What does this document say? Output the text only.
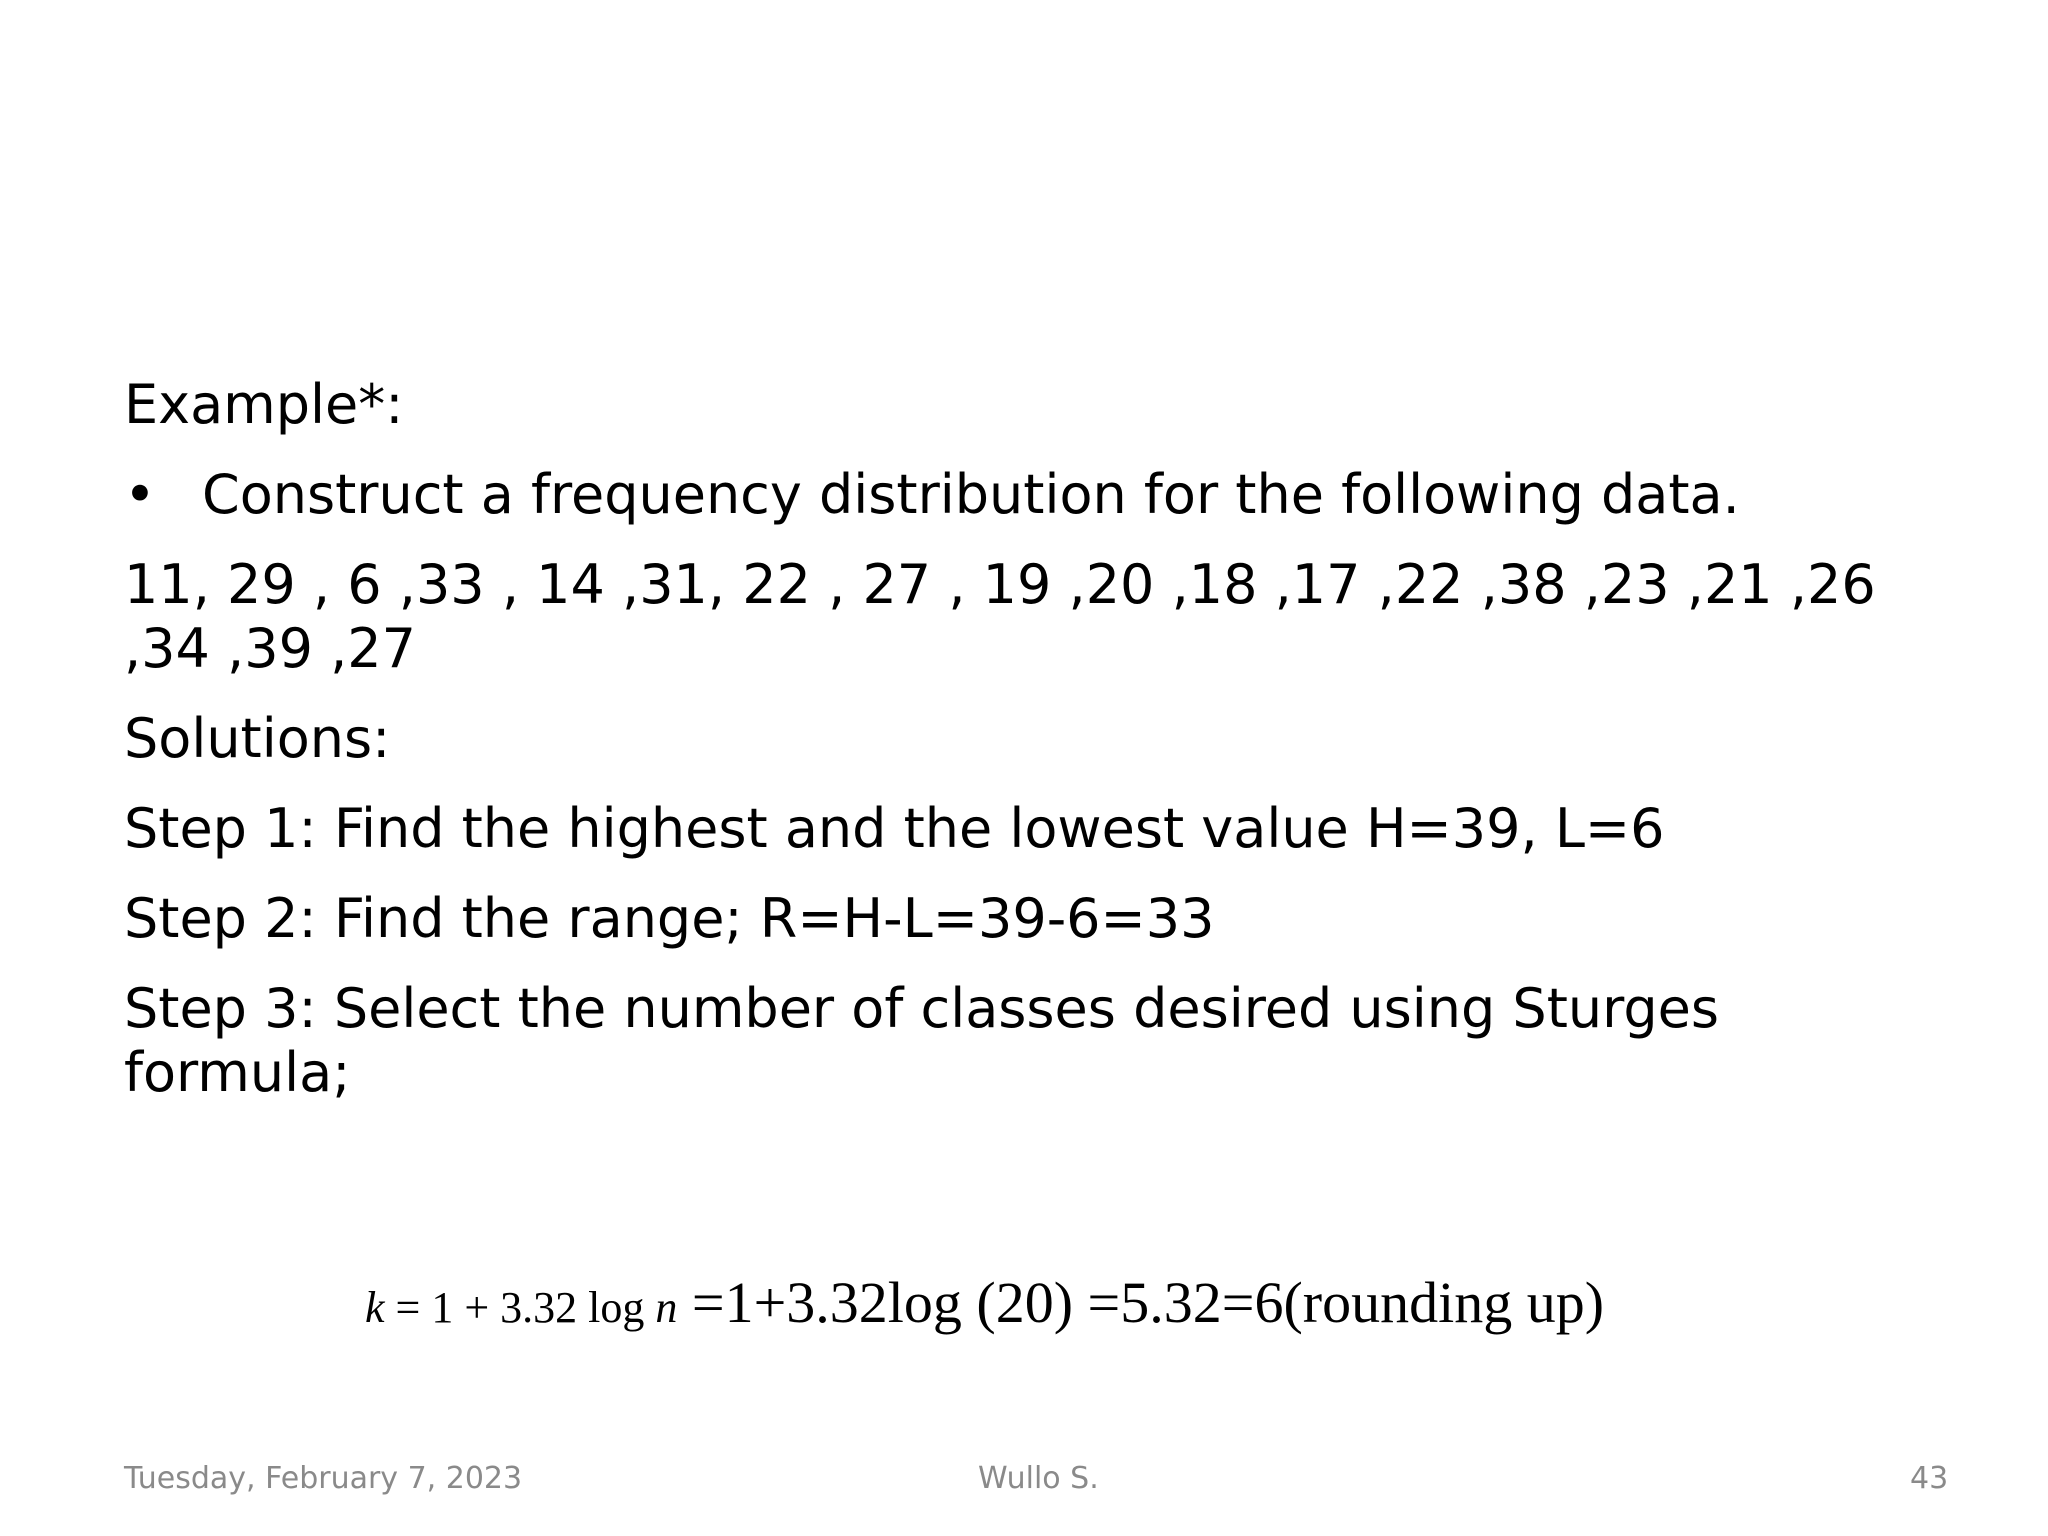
Example*:

• Construct a frequency distribution for the following data.

11, 29 , 6 ,33 , 14 ,31, 22 , 27 , 19 ,20 ,18 ,17 ,22 ,38 ,23 ,21 ,26
,34 ,39 ,27

Solutions:

Step 1: Find the highest and the lowest value H=39, L=6

Step 2: Find the range; R=H-L=39-6=33

Step 3: Select the number of classes desired using Sturges
formula;

k = 1 + 3.32 log n =1+3.32log (20) =5.32=6(rounding up)
Tuesday, February 7, 2023	Wullo S.	43
